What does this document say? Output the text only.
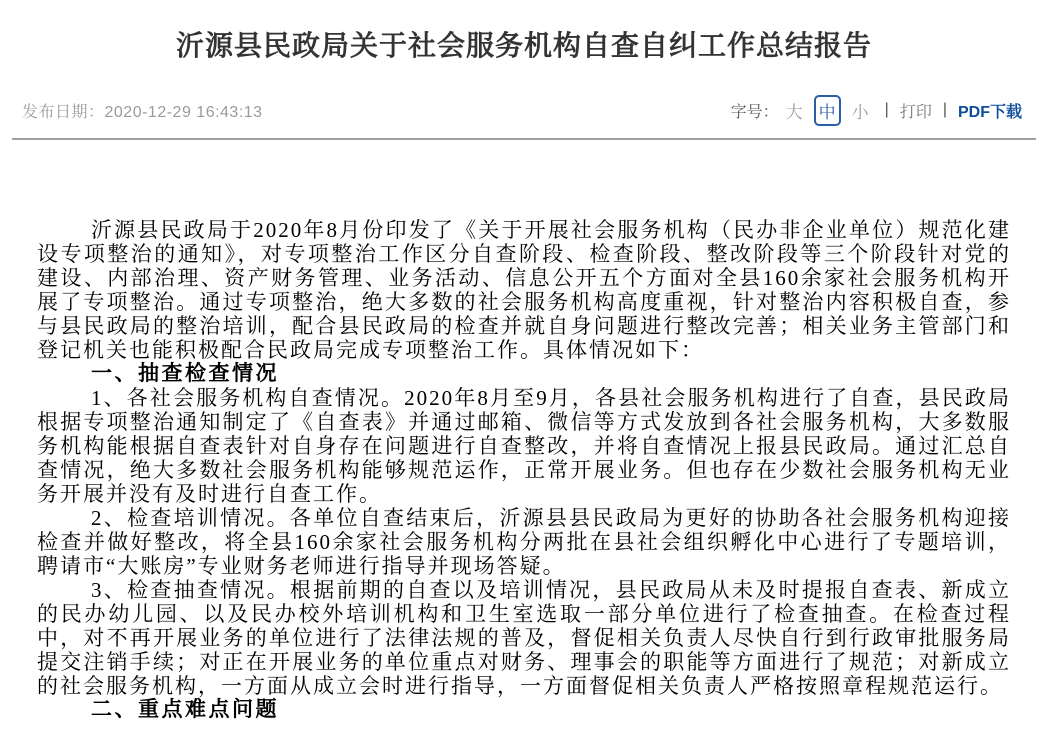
沂源县民政局关于社会服务机构自查自纠工作总结报告
发布日期：2020-12-29 16:43:13	字号： 大 中 小 | 打印 | PDF下载

沂源县民政局于2020年8月份印发了《关于开展社会服务机构（民办非企业单位）规范化建设专项整治的通知》，对专项整治工作区分自查阶段、检查阶段、整改阶段等三个阶段针对党的建设、内部治理、资产财务管理、业务活动、信息公开五个方面对全县160余家社会服务机构开展了专项整治。通过专项整治，绝大多数的社会服务机构高度重视，针对整治内容积极自查，参与县民政局的整治培训，配合县民政局的检查并就自身问题进行整改完善；相关业务主管部门和登记机关也能积极配合民政局完成专项整治工作。具体情况如下：

一、抽查检查情况

1、各社会服务机构自查情况。2020年8月至9月，各县社会服务机构进行了自查，县民政局根据专项整治通知制定了《自查表》并通过邮箱、微信等方式发放到各社会服务机构，大多数服务机构能根据自查表针对自身存在问题进行自查整改，并将自查情况上报县民政局。通过汇总自查情况，绝大多数社会服务机构能够规范运作，正常开展业务。但也存在少数社会服务机构无业务开展并没有及时进行自查工作。

2、检查培训情况。各单位自查结束后，沂源县县民政局为更好的协助各社会服务机构迎接检查并做好整改，将全县160余家社会服务机构分两批在县社会组织孵化中心进行了专题培训，聘请市“大账房”专业财务老师进行指导并现场答疑。

3、检查抽查情况。根据前期的自查以及培训情况，县民政局从未及时提报自查表、新成立的民办幼儿园、以及民办校外培训机构和卫生室选取一部分单位进行了检查抽查。在检查过程中，对不再开展业务的单位进行了法律法规的普及，督促相关负责人尽快自行到行政审批服务局提交注销手续；对正在开展业务的单位重点对财务、理事会的职能等方面进行了规范；对新成立的社会服务机构，一方面从成立会时进行指导，一方面督促相关负责人严格按照章程规范运行。

二、重点难点问题
